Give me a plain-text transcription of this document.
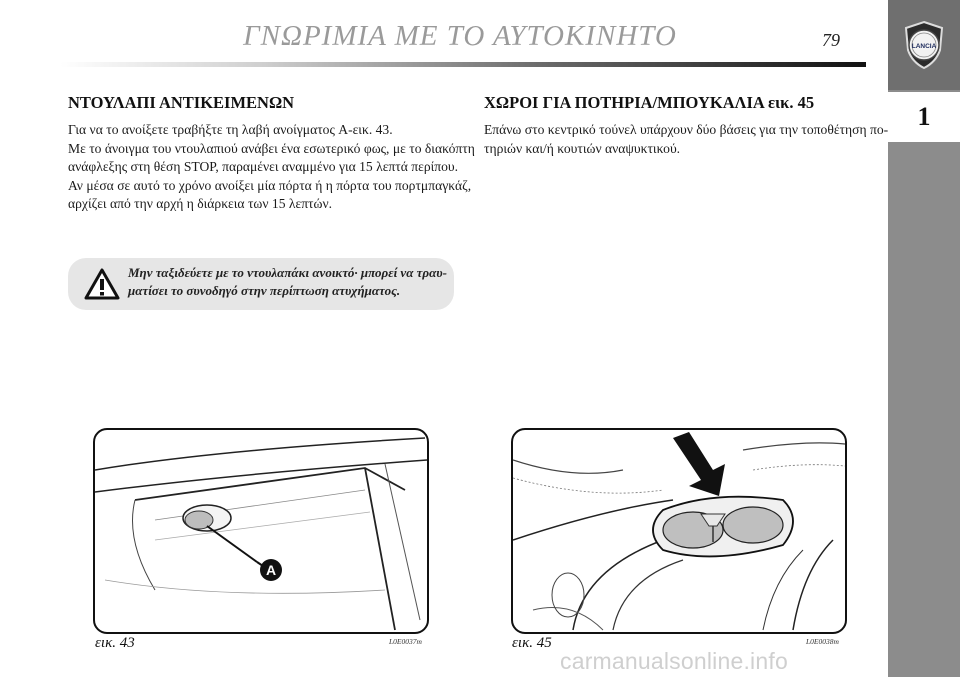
ΓΝΩΡΙΜΙΑ ΜΕ ΤΟ ΑΥΤΟΚΙΝΗΤΟ	79	LANCIA
1
ΝΤΟΥΛΑΠΙ ΑΝΤΙΚΕΙΜΕΝΩΝ
Για να το ανοίξετε τραβήξτε τη λαβή ανοίγματος A-εικ. 43.
Με το άνοιγμα του ντουλαπιού ανάβει ένα εσωτερικό φως, με το διακόπτη
ανάφλεξης στη θέση STOP, παραμένει αναμμένο για 15 λεπτά περίπου.
Αν μέσα σε αυτό το χρόνο ανοίξει μία πόρτα ή η πόρτα του πορτμπαγκάζ,
αρχίζει από την αρχή η διάρκεια των 15 λεπτών.
Μην ταξιδεύετε με το ντουλαπάκι ανοικτό· μπορεί να τραυ-
ματίσει το συνοδηγό στην περίπτωση ατυχήματος.
ΧΩΡΟΙ ΓΙΑ ΠΟΤΗΡΙΑ/ΜΠΟΥΚΑΛΙΑ εικ. 45
Επάνω στο κεντρικό τούνελ υπάρχουν δύο βάσεις για την τοποθέτηση πο-
τηριών και/ή κουτιών αναψυκτικού.
A
εικ. 43	L0E0037m	εικ. 45	L0E0038m
carmanualsonline.info
